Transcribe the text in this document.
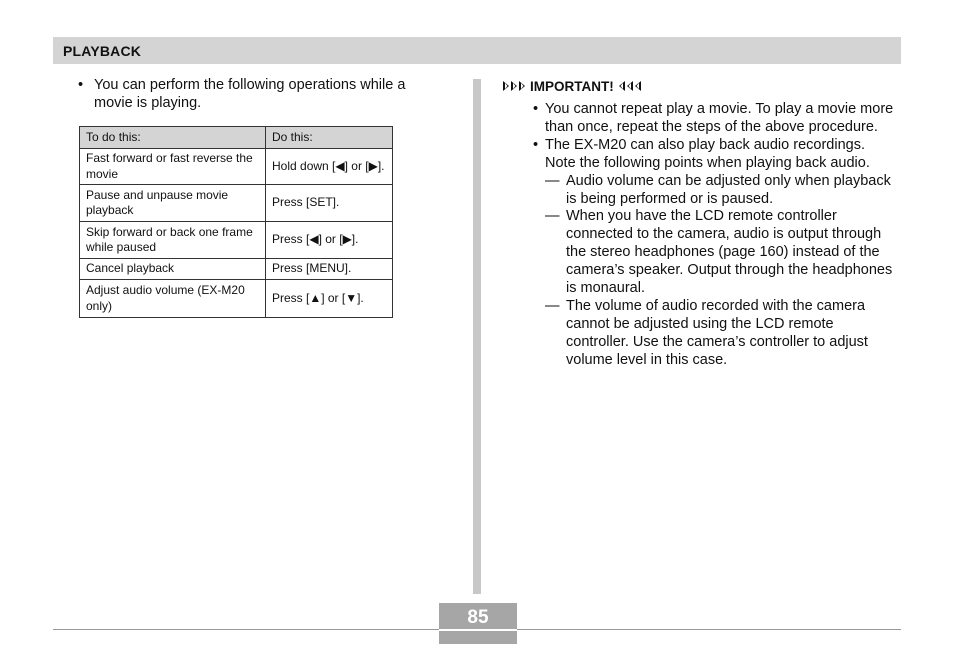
PLAYBACK
• You can perform the following operations while a movie is playing.
To do this:	Do this:
Fast forward or fast reverse the movie	Hold down [◀] or [▶].
Pause and unpause movie playback	Press [SET].
Skip forward or back one frame while paused	Press [◀] or [▶].
Cancel playback	Press [MENU].
Adjust audio volume (EX-M20 only)	Press [▲] or [▼].
IMPORTANT!
• You cannot repeat play a movie. To play a movie more than once, repeat the steps of the above procedure.
• The EX-M20 can also play back audio recordings. Note the following points when playing back audio.
— Audio volume can be adjusted only when playback is being performed or is paused.
— When you have the LCD remote controller connected to the camera, audio is output through the stereo headphones (page 160) instead of the camera’s speaker. Output through the headphones is monaural.
— The volume of audio recorded with the camera cannot be adjusted using the LCD remote controller. Use the camera’s controller to adjust volume level in this case.
85
